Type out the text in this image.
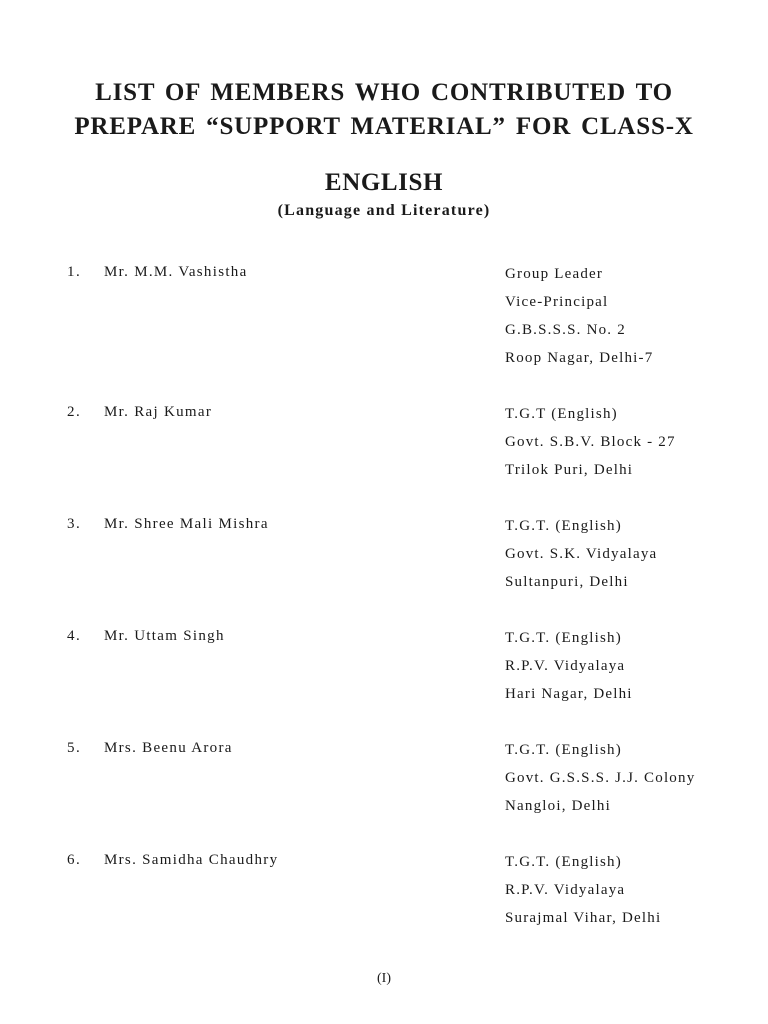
LIST OF MEMBERS WHO CONTRIBUTED TO
PREPARE “SUPPORT MATERIAL” FOR CLASS-X
ENGLISH
(Language and Literature)
1. Mr. M.M. Vashistha	Group Leader
Vice-Principal
G.B.S.S.S. No. 2
Roop Nagar, Delhi-7
2. Mr. Raj Kumar	T.G.T (English)
Govt. S.B.V. Block - 27
Trilok Puri, Delhi
3. Mr. Shree Mali Mishra	T.G.T. (English)
Govt. S.K. Vidyalaya
Sultanpuri, Delhi
4. Mr. Uttam Singh	T.G.T. (English)
R.P.V. Vidyalaya
Hari Nagar, Delhi
5. Mrs. Beenu Arora	T.G.T. (English)
Govt. G.S.S.S. J.J. Colony
Nangloi, Delhi
6. Mrs. Samidha Chaudhry	T.G.T. (English)
R.P.V. Vidyalaya
Surajmal Vihar, Delhi
(I)
